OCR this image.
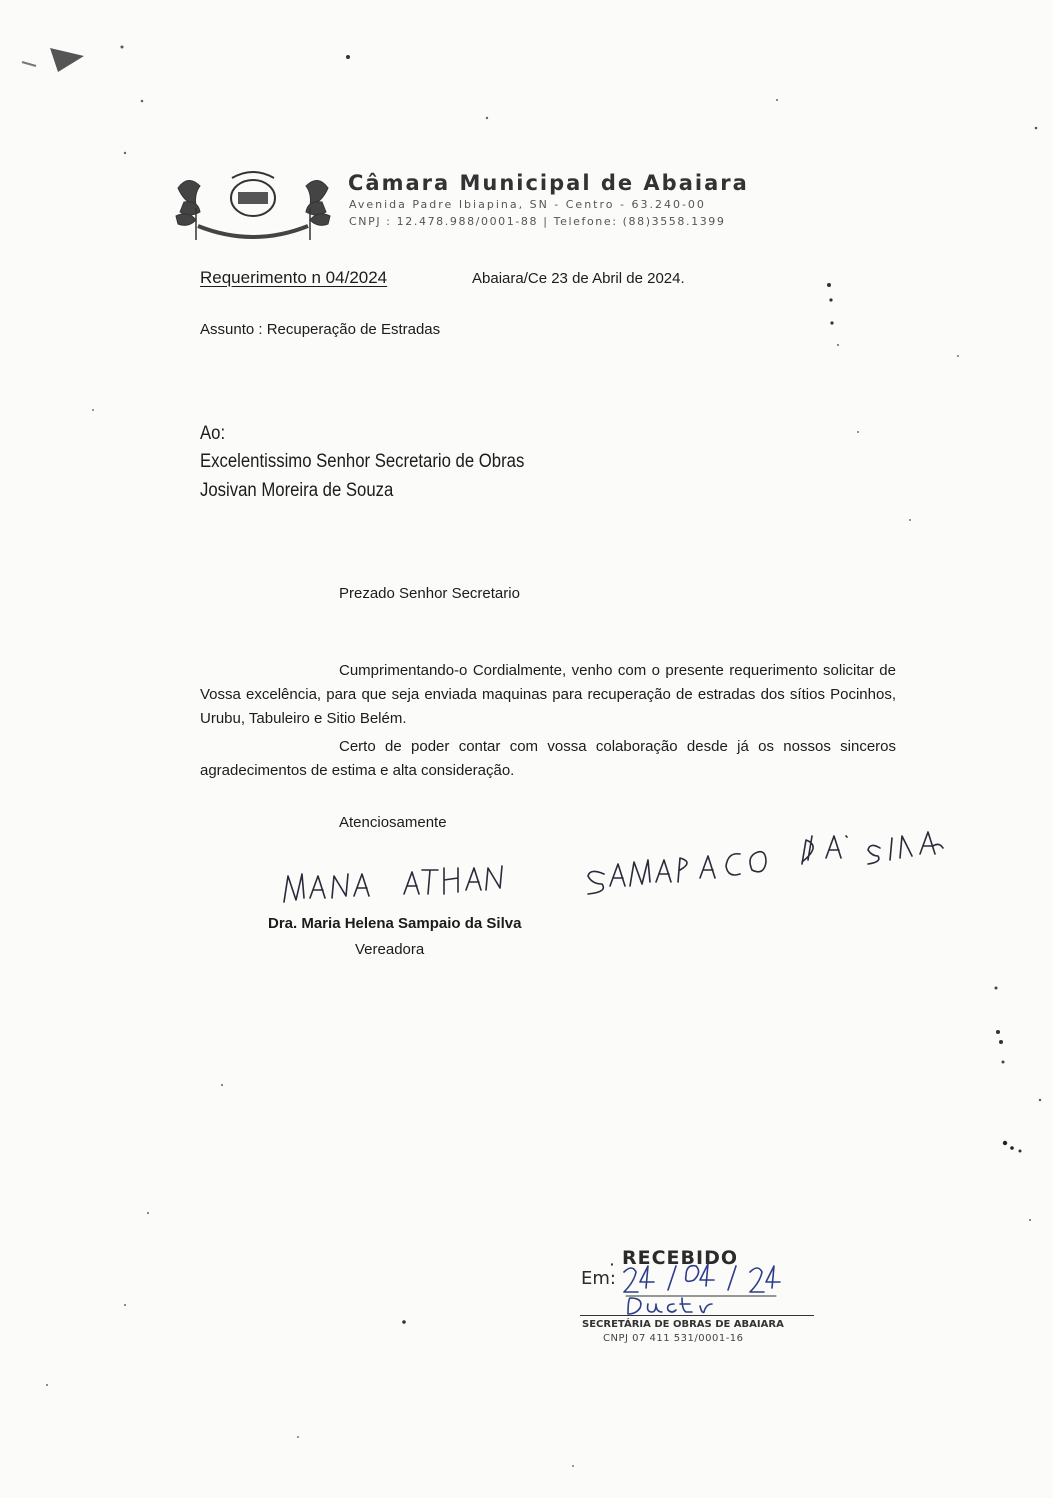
Câmara Municipal de Abaiara
Avenida Padre Ibiapina, SN - Centro - 63.240-00
CNPJ : 12.478.988/0001-88 | Telefone: (88)3558.1399
Requerimento n 04/2024	Abaiara/Ce 23 de Abril de 2024.
Assunto : Recuperação de Estradas
Ao:
Excelentissimo Senhor Secretario de Obras
Josivan Moreira de Souza
Prezado Senhor Secretario
Cumprimentando-o Cordialmente, venho com o presente requerimento solicitar de Vossa excelência, para que seja enviada maquinas para recuperação de estradas dos sítios Pocinhos, Urubu, Tabuleiro e Sitio Belém.
Certo de poder contar com vossa colaboração desde já os nossos sinceros agradecimentos de estima e alta consideração.
Atenciosamente
Dra. Maria Helena Sampaio da Silva
Vereadora
· RECEBIDO
Em:
SECRETÁRIA DE OBRAS DE ABAIARA
CNPJ 07 411 531/0001-16
